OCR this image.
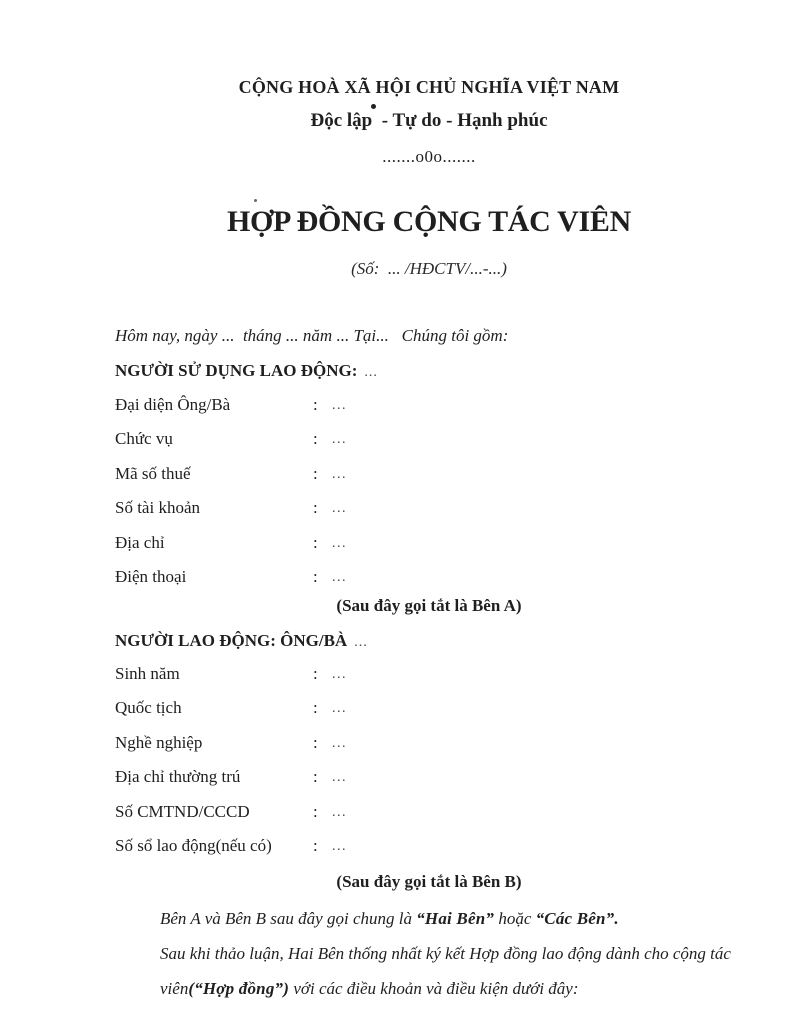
CỘNG HOÀ XÃ HỘI CHỦ NGHĨA VIỆT NAM
Độc lập  - Tự do - Hạnh phúc
.......o0o.......
HỢP ĐỒNG CỘNG TÁC VIÊN
(Số:  ... /HĐCTV/...-...)
Hôm nay, ngày ...  tháng ... năm ... Tại...   Chúng tôi gồm:
NGƯỜI SỬ DỤNG LAO ĐỘNG: ...
Đại diện Ông/Bà	:	...
Chức vụ	:	...
Mã số thuế	:	...
Số tài khoản	:	...
Địa chỉ	:	...
Điện thoại	:	...
(Sau đây gọi tắt là Bên A)
NGƯỜI LAO ĐỘNG: ÔNG/BÀ ...
Sinh năm	:	...
Quốc tịch	:	...
Nghề nghiệp	:	...
Địa chỉ thường trú	:	...
Số CMTND/CCCD	:	...
Số sổ lao động(nếu có)	:	...
(Sau đây gọi tắt là Bên B)
Bên A và Bên B sau đây gọi chung là “Hai Bên” hoặc “Các Bên”.
Sau khi thảo luận, Hai Bên thống nhất ký kết Hợp đồng lao động dành cho cộng tác viên(“Hợp đồng”) với các điều khoản và điều kiện dưới đây:
